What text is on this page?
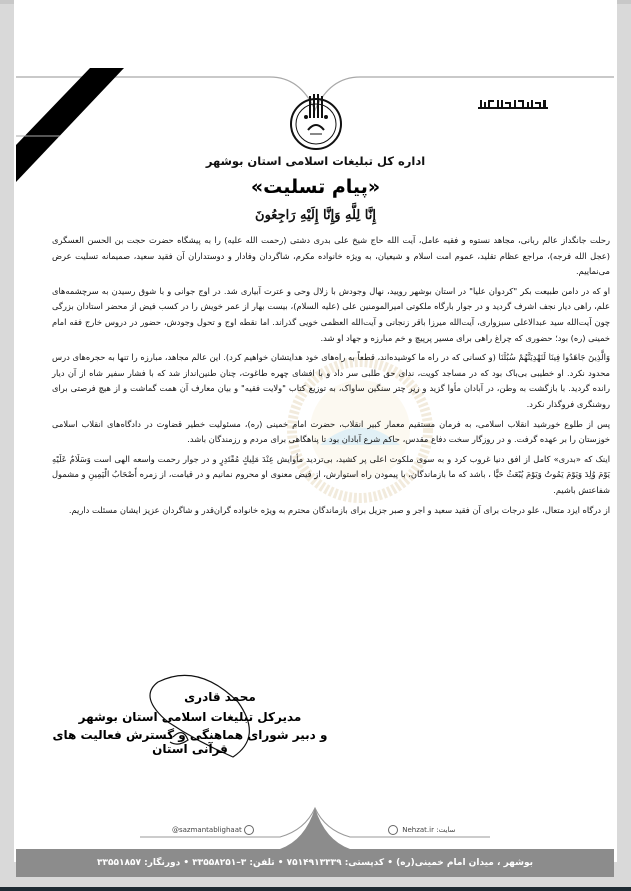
اداره کل تبلیغات اسلامی استان بوشهر
«پیام تسلیت»
إِنَّا لِلَّهِ وَإِنَّا إِلَيْهِ رَاجِعُونَ

رحلت جانگداز عالم ربانی، مجاهد نستوه و فقیه عامل، آیت الله حاج شیخ علی بدری دشتی (رحمت الله علیه) را به پیشگاه حضرت حجت بن الحسن العسگری (عجل الله فرجه)، مراجع عظام تقلید، عموم امت اسلام و شیعیان، به ویژه خانواده مکرم، شاگردان وفادار و دوستداران آن فقید سعید، صمیمانه تسلیت عرض می‌نماییم.

او که در دامن طبیعت بکر "کردوان علیا" در استان بوشهر رویید، نهال وجودش با زلال وحی و عترت آبیاری شد. در اوج جوانی و با شوق رسیدن به سرچشمه‌های علم، راهی دیار نجف اشرف گردید و در جوار بارگاه ملکوتی امیرالمومنین علی (علیه السلام)، بیست بهار از عمر خویش را در کسب فیض از محضر استادان بزرگی چون آیت‌الله سید عبدالاعلی سبزواری، آیت‌الله میرزا باقر زنجانی و آیت‌الله العظمی خویی گذراند. اما نقطه اوج و تحول وجودش، حضور در دروس خارج فقه امام خمینی (ره) بود؛ حضوری که چراغ راهی برای مسیر پرپیچ و خم مبارزه و جهاد او شد.

وَالَّذِينَ جَاهَدُوا فِينَا لَنَهْدِيَنَّهُمْ سُبُلَنَا (و کسانی که در راه ما کوشیده‌اند، قطعاً به راه‌های خود هدایتشان خواهیم کرد). این عالم مجاهد، مبارزه را تنها به حجره‌های درس محدود نکرد. او خطیبی بی‌باک بود که در مساجد کویت، ندای حق طلبی سر داد و با افشای چهره طاغوت، چنان طنین‌انداز شد که با فشار سفیر شاه از آن دیار رانده گردید. با بازگشت به وطن، در آبادان مأوا گزید و زیر چتر سنگین ساواک، به توزیع کتاب "ولایت فقیه" و بیان معارف آن همت گماشت و از هیچ فرصتی برای روشنگری فروگذار نکرد.

پس از طلوع خورشید انقلاب اسلامی، به فرمان مستقیم معمار کبیر انقلاب، حضرت امام خمینی (ره)، مسئولیت خطیر قضاوت در دادگاه‌های انقلاب اسلامی خوزستان را بر عهده گرفت. و در روزگار سخت دفاع مقدس، حاکم شرع آبادان بود تا پناهگاهی برای مردم و رزمندگان باشد.

اینک که «بدری» کامل از افق دنیا غروب کرد و به سوی ملکوت اعلی پر کشید، بی‌تردید مأوایش عِنْدَ مَلِيكٍ مُقْتَدِرٍ و در جوار رحمت واسعه الهی است وَسَلَامٌ عَلَيْهِ يَوْمَ وُلِدَ وَيَوْمَ يَمُوتُ وَيَوْمَ يُبْعَثُ حَيًّا ، باشد که ما بازماندگان، با پیمودن راه استوارش، از فیض معنوی او محروم نمانیم و در قیامت، از زمره أَصْحَابُ الْيَمِينِ و مشمول شفاعتش باشیم.

از درگاه ایزد متعال، علو درجات برای آن فقید سعید و اجر و صبر جزیل برای بازماندگان محترم به ویژه خانواده گران‌قدر و شاگردان عزیز ایشان مسئلت داریم.

محمد قادری
مدیرکل تبلیغات اسلامی استان بوشهر
و دبیر شورای هماهنگی و گسترش فعالیت های قرآنی استان
@sazmantablighaat	سایت: Nehzat.ir
بوشهر ، میدان امام خمینی(ره) • کدپستی: ۷۵۱۴۹۱۳۳۳۹ • تلفن: ۳–۳۳۵۵۸۲۵۱ • دورنگار: ۳۳۵۵۱۸۵۷
